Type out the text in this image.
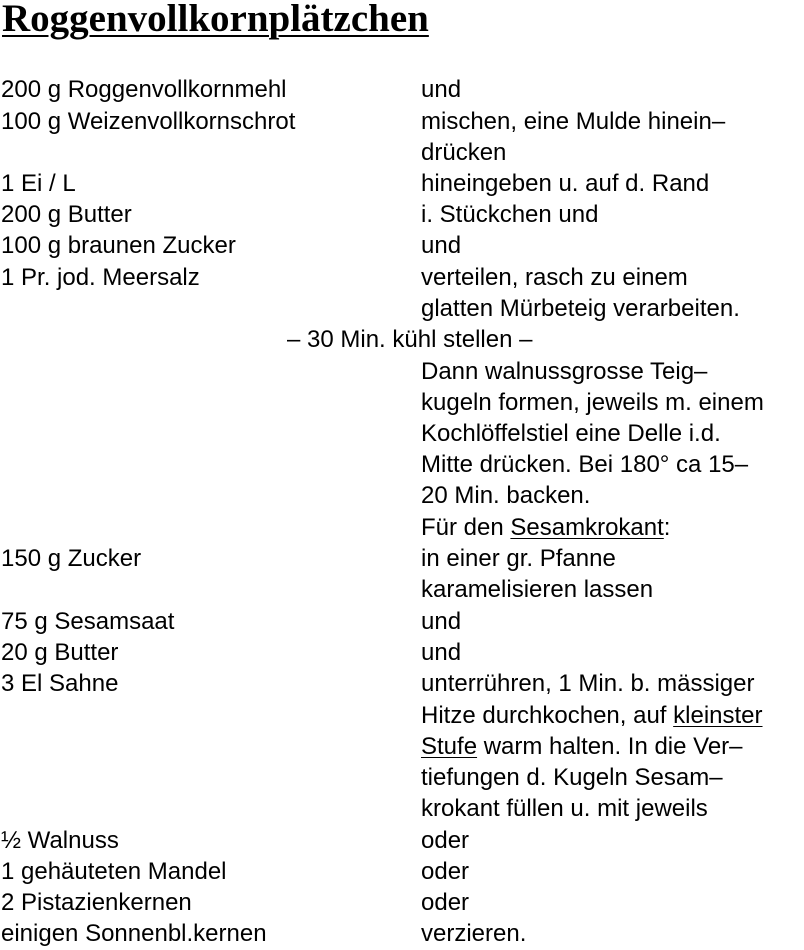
Roggenvollkornplätzchen
200 g Roggenvollkornmehl	und
100 g Weizenvollkornschrot	mischen, eine Mulde hinein–
drücken
1 Ei / L	hineingeben u. auf d. Rand
200 g Butter	i. Stückchen und
100 g braunen Zucker	und
1 Pr. jod. Meersalz	verteilen, rasch zu einem
glatten Mürbeteig verarbeiten.
– 30 Min. kühl stellen –
Dann walnussgrosse Teig–
kugeln formen, jeweils m. einem
Kochlöffelstiel eine Delle i.d.
Mitte drücken. Bei 180° ca 15–
20 Min. backen.
Für den Sesamkrokant:
150 g Zucker	in einer gr. Pfanne
karamelisieren lassen
75 g Sesamsaat	und
20 g Butter	und
3 El Sahne	unterrühren, 1 Min. b. mässiger
Hitze durchkochen, auf kleinster
Stufe warm halten. In die Ver–
tiefungen d. Kugeln Sesam–
krokant füllen u. mit jeweils
½ Walnuss	oder
1 gehäuteten Mandel	oder
2 Pistazienkernen	oder
einigen Sonnenbl.kernen	verzieren.
